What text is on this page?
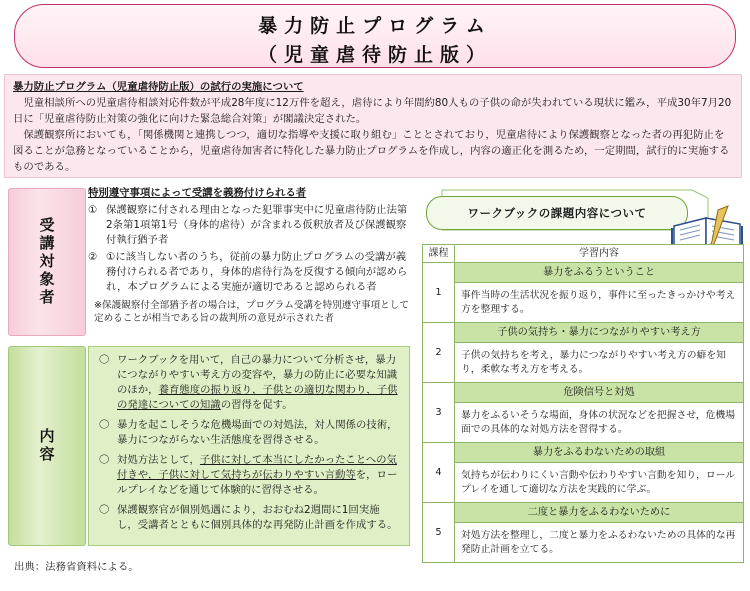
暴力防止プログラム
（児童虐待防止版）
暴力防止プログラム（児童虐待防止版）の試行の実施について

児童相談所への児童虐待相談対応件数が平成28年度に12万件を超え，虐待により年間約80人もの子供の命が失われている現状に鑑み，平成30年7月20日に「児童虐待防止対策の強化に向けた緊急総合対策」が閣議決定された。

保護観察所においても，「関係機関と連携しつつ，適切な指導や支援に取り組む」こととされており，児童虐待により保護観察となった者の再犯防止を図ることが急務となっていることから，児童虐待加害者に特化した暴力防止プログラムを作成し，内容の適正化を測るため，一定期間，試行的に実施するものである。

受講対象者
特別遵守事項によって受講を義務付けられる者
① 保護観察に付される理由となった犯罪事実中に児童虐待防止法第2条第1項第1号（身体的虐待）が含まれる仮釈放者及び保護観察付執行猶予者
② ①に該当しない者のうち，従前の暴力防止プログラムの受講が義務付けられる者であり，身体的虐待行為を反復する傾向が認められ，本プログラムによる実施が適切であると認められる者
※保護観察付全部猶予者の場合は，プログラム受講を特別遵守事項として定めることが相当である旨の裁判所の意見が示された者
内容
〇 ワークブックを用いて，自己の暴力について分析させ，暴力につながりやすい考え方の変容や，暴力の防止に必要な知識のほか，養育態度の振り返り，子供との適切な関わり，子供の発達についての知識の習得を促す。
〇 暴力を起こしそうな危機場面での対処法，対人関係の技術，暴力につながらない生活態度を習得させる。
〇 対処方法として，子供に対して本当にしたかったことへの気付きや，子供に対して気持ちが伝わりやすい言動等を，ロールプレイなどを通じて体験的に習得させる。
〇 保護観察官が個別処遇により，おおむね2週間に1回実施し，受講者とともに個別具体的な再発防止計画を作成する。
ワークブックの課題内容について
課程	学習内容
1	暴力をふるうということ
	事件当時の生活状況を振り返り，事件に至ったきっかけや考え方を整理する。
2	子供の気持ち・暴力につながりやすい考え方
	子供の気持ちを考え，暴力につながりやすい考え方の癖を知り，柔軟な考え方を考える。
3	危険信号と対処
	暴力をふるいそうな場面，身体の状況などを把握させ，危機場面での具体的な対処方法を習得する。
4	暴力をふるわないための取組
	気持ちが伝わりにくい言動や伝わりやすい言動を知り，ロールプレイを通して適切な方法を実践的に学ぶ。
5	二度と暴力をふるわないために
	対処方法を整理し，二度と暴力をふるわないための具体的な再発防止計画を立てる。
出典：法務省資料による。
